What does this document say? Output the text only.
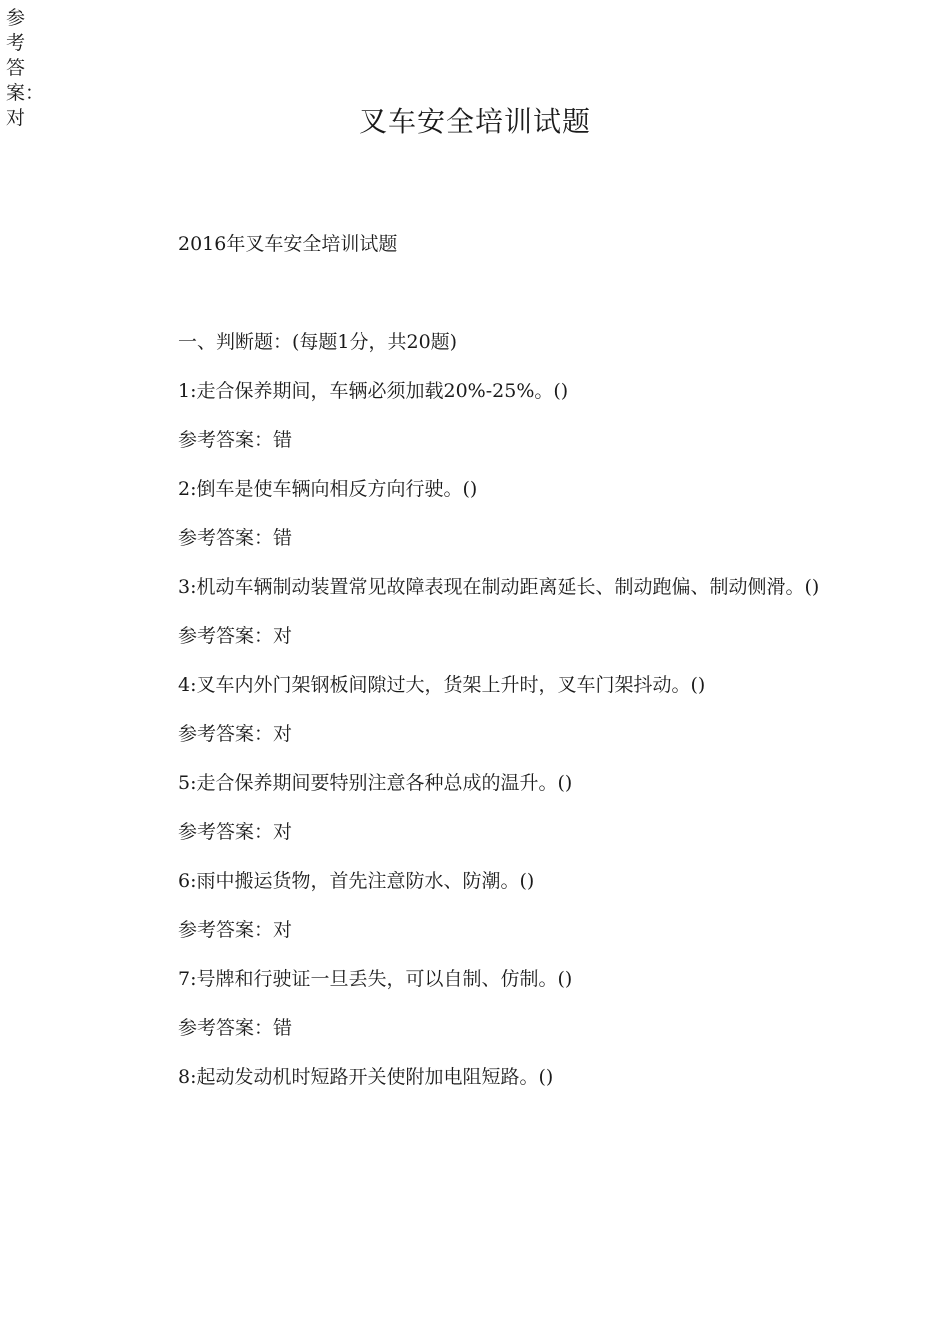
参考答案：对	叉车安全培训试题

2016年叉车安全培训试题

一、判断题：(每题1分，共20题)

1:走合保养期间，车辆必须加载20%-25%。()

参考答案：错

2:倒车是使车辆向相反方向行驶。()

参考答案：错

3:机动车辆制动装置常见故障表现在制动距离延长、制动跑偏、制动侧滑。()

参考答案：对

4:叉车内外门架钢板间隙过大，货架上升时，叉车门架抖动。()

参考答案：对

5:走合保养期间要特别注意各种总成的温升。()

参考答案：对

6:雨中搬运货物，首先注意防水、防潮。()

参考答案：对

7:号牌和行驶证一旦丢失，可以自制、仿制。()

参考答案：错

8:起动发动机时短路开关使附加电阻短路。()
